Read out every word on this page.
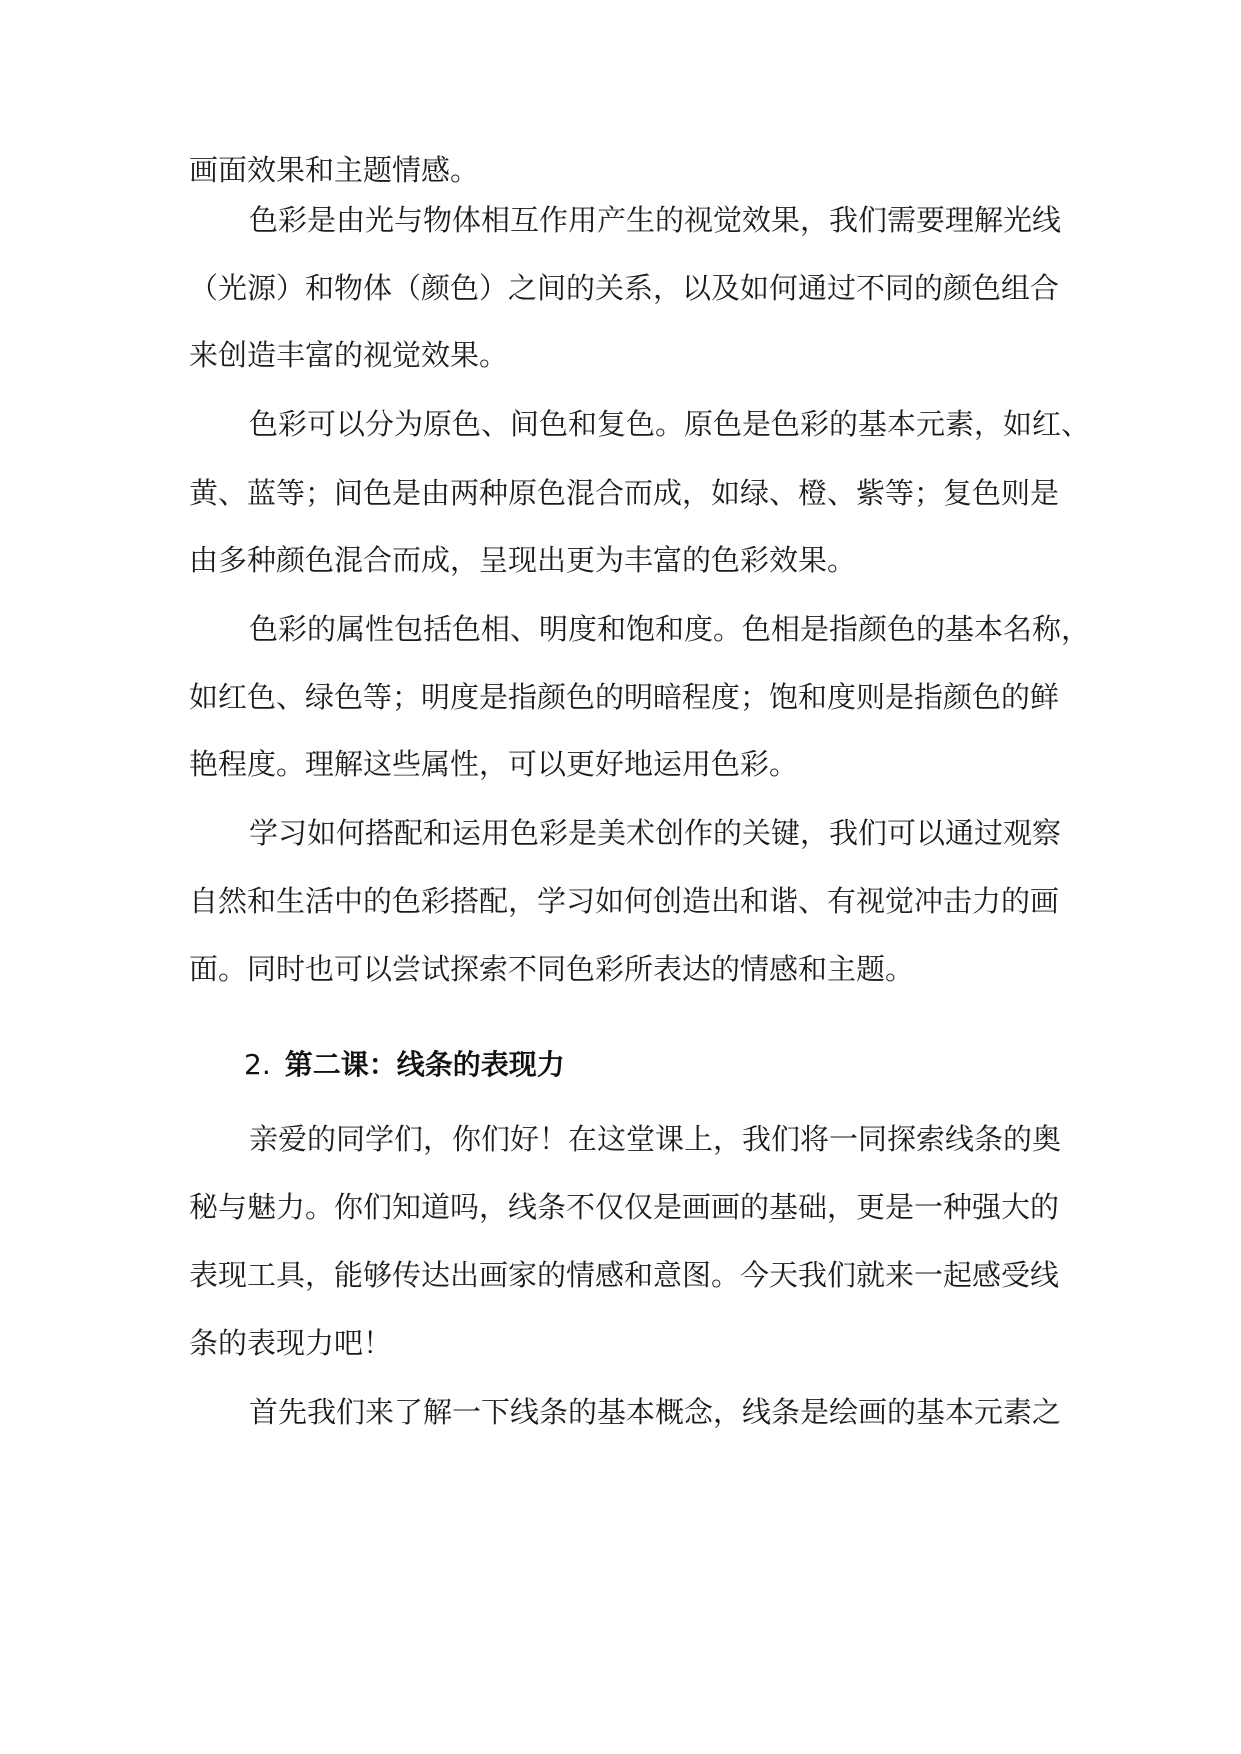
画面效果和主题情感。
色彩是由光与物体相互作用产生的视觉效果，我们需要理解光线
（光源）和物体（颜色）之间的关系，以及如何通过不同的颜色组合
来创造丰富的视觉效果。
色彩可以分为原色、间色和复色。原色是色彩的基本元素，如红、
黄、蓝等；间色是由两种原色混合而成，如绿、橙、紫等；复色则是
由多种颜色混合而成，呈现出更为丰富的色彩效果。
色彩的属性包括色相、明度和饱和度。色相是指颜色的基本名称，
如红色、绿色等；明度是指颜色的明暗程度；饱和度则是指颜色的鲜
艳程度。理解这些属性，可以更好地运用色彩。
学习如何搭配和运用色彩是美术创作的关键，我们可以通过观察
自然和生活中的色彩搭配，学习如何创造出和谐、有视觉冲击力的画
面。同时也可以尝试探索不同色彩所表达的情感和主题。
2. 第二课：线条的表现力
亲爱的同学们，你们好！在这堂课上，我们将一同探索线条的奥
秘与魅力。你们知道吗，线条不仅仅是画画的基础，更是一种强大的
表现工具，能够传达出画家的情感和意图。今天我们就来一起感受线
条的表现力吧！
首先我们来了解一下线条的基本概念，线条是绘画的基本元素之
